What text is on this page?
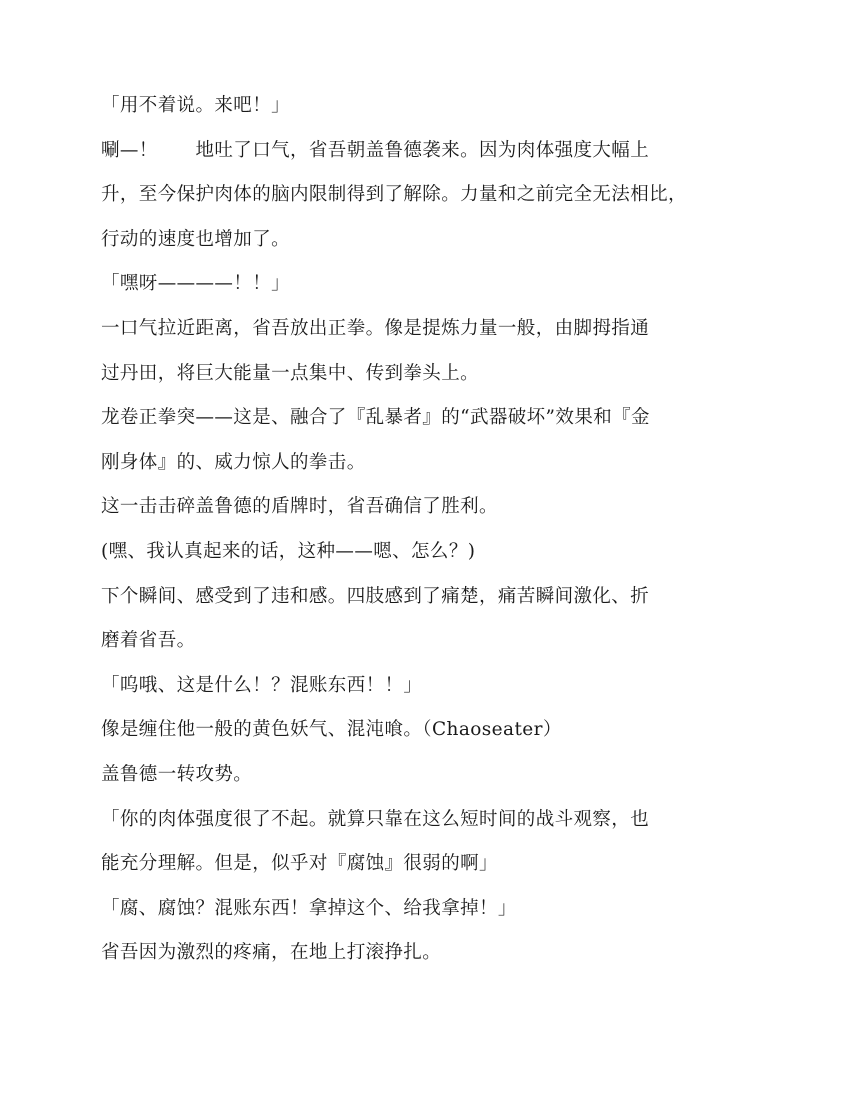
「用不着说。来吧！」

唰—！　　地吐了口气，省吾朝盖鲁德袭来。因为肉体强度大幅上

升，至今保护肉体的脑内限制得到了解除。力量和之前完全无法相比，

行动的速度也增加了。

「嘿呀————！！」

一口气拉近距离，省吾放出正拳。像是提炼力量一般，由脚拇指通

过丹田，将巨大能量一点集中、传到拳头上。

龙卷正拳突——这是、融合了『乱暴者』的“武器破坏”效果和『金

刚身体』的、威力惊人的拳击。

这一击击碎盖鲁德的盾牌时，省吾确信了胜利。

(嘿、我认真起来的话，这种——嗯、怎么？)

下个瞬间、感受到了违和感。四肢感到了痛楚，痛苦瞬间激化、折

磨着省吾。

「呜哦、这是什么！？混账东西！！」

像是缠住他一般的黄色妖气、混沌喰。（Chaoseater）

盖鲁德一转攻势。

「你的肉体强度很了不起。就算只靠在这么短时间的战斗观察，也

能充分理解。但是，似乎对『腐蚀』很弱的啊」

「腐、腐蚀？混账东西！拿掉这个、给我拿掉！」

省吾因为激烈的疼痛，在地上打滚挣扎。
